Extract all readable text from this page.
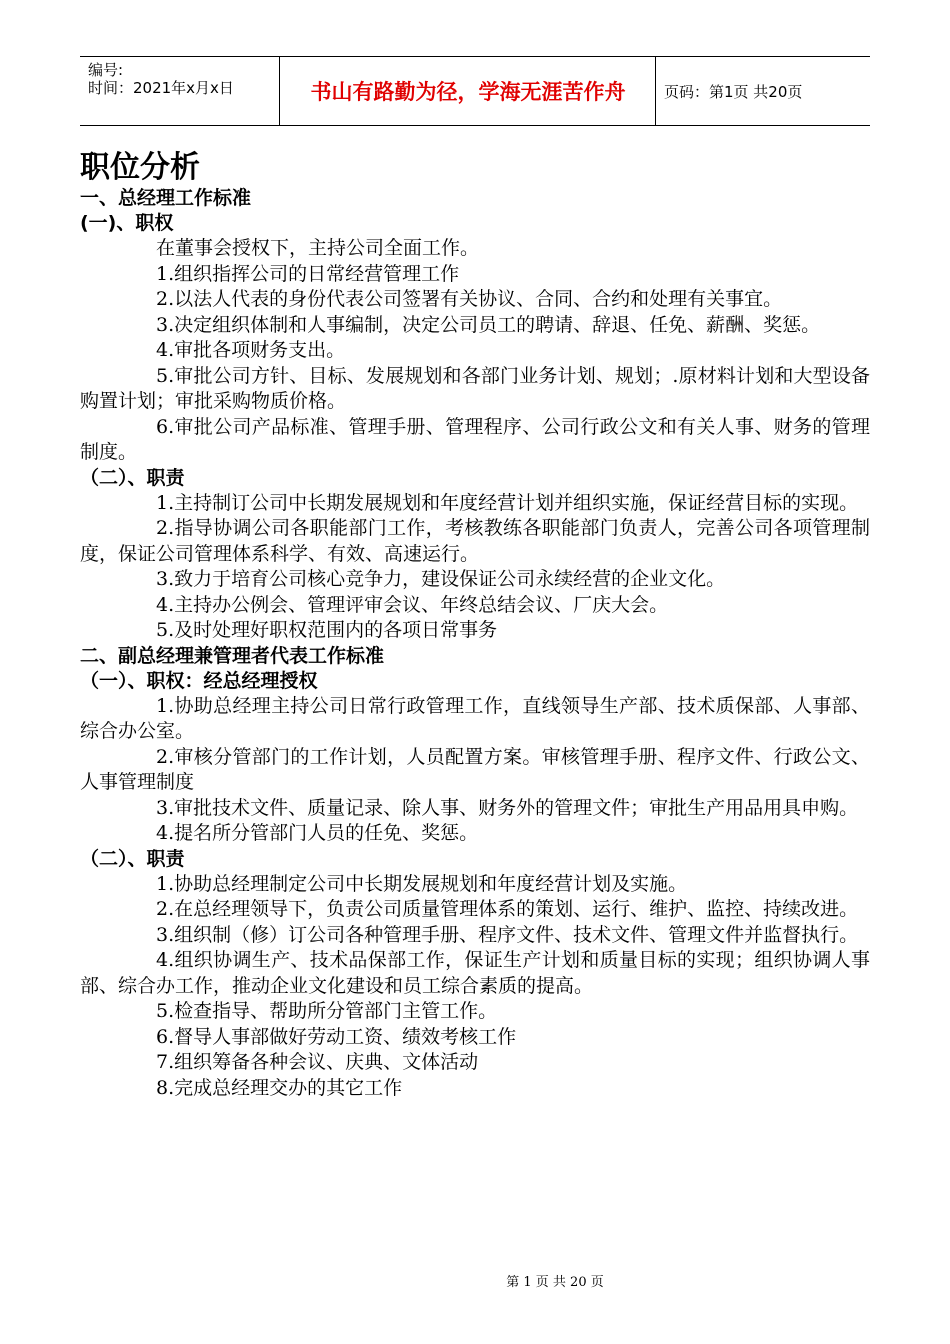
编号:
时间：2021年x月x日	书山有路勤为径，学海无涯苦作舟	页码：第1页 共20页
职位分析
一、总经理工作标准
(一)、职权
在董事会授权下，主持公司全面工作。
1.组织指挥公司的日常经营管理工作
2.以法人代表的身份代表公司签署有关协议、合同、合约和处理有关事宜。
3.决定组织体制和人事编制，决定公司员工的聘请、辞退、任免、薪酬、奖惩。
4.审批各项财务支出。
5.审批公司方针、目标、发展规划和各部门业务计划、规划；.原材料计划和大型设备购置计划；审批采购物质价格。
6.审批公司产品标准、管理手册、管理程序、公司行政公文和有关人事、财务的管理制度。
（二）、职责
1.主持制订公司中长期发展规划和年度经营计划并组织实施，保证经营目标的实现。
2.指导协调公司各职能部门工作，考核教练各职能部门负责人，完善公司各项管理制度，保证公司管理体系科学、有效、高速运行。
3.致力于培育公司核心竞争力，建设保证公司永续经营的企业文化。
4.主持办公例会、管理评审会议、年终总结会议、厂庆大会。
5.及时处理好职权范围内的各项日常事务
二、副总经理兼管理者代表工作标准
（一）、职权：经总经理授权
1.协助总经理主持公司日常行政管理工作，直线领导生产部、技术质保部、人事部、综合办公室。
2.审核分管部门的工作计划，人员配置方案。审核管理手册、程序文件、行政公文、人事管理制度
3.审批技术文件、质量记录、除人事、财务外的管理文件；审批生产用品用具申购。
4.提名所分管部门人员的任免、奖惩。
（二）、职责
1.协助总经理制定公司中长期发展规划和年度经营计划及实施。
2.在总经理领导下，负责公司质量管理体系的策划、运行、维护、监控、持续改进。
3.组织制（修）订公司各种管理手册、程序文件、技术文件、管理文件并监督执行。
4.组织协调生产、技术品保部工作，保证生产计划和质量目标的实现；组织协调人事部、综合办工作，推动企业文化建设和员工综合素质的提高。
5.检查指导、帮助所分管部门主管工作。
6.督导人事部做好劳动工资、绩效考核工作
7.组织筹备各种会议、庆典、文体活动
8.完成总经理交办的其它工作
第 1 页 共 20 页
